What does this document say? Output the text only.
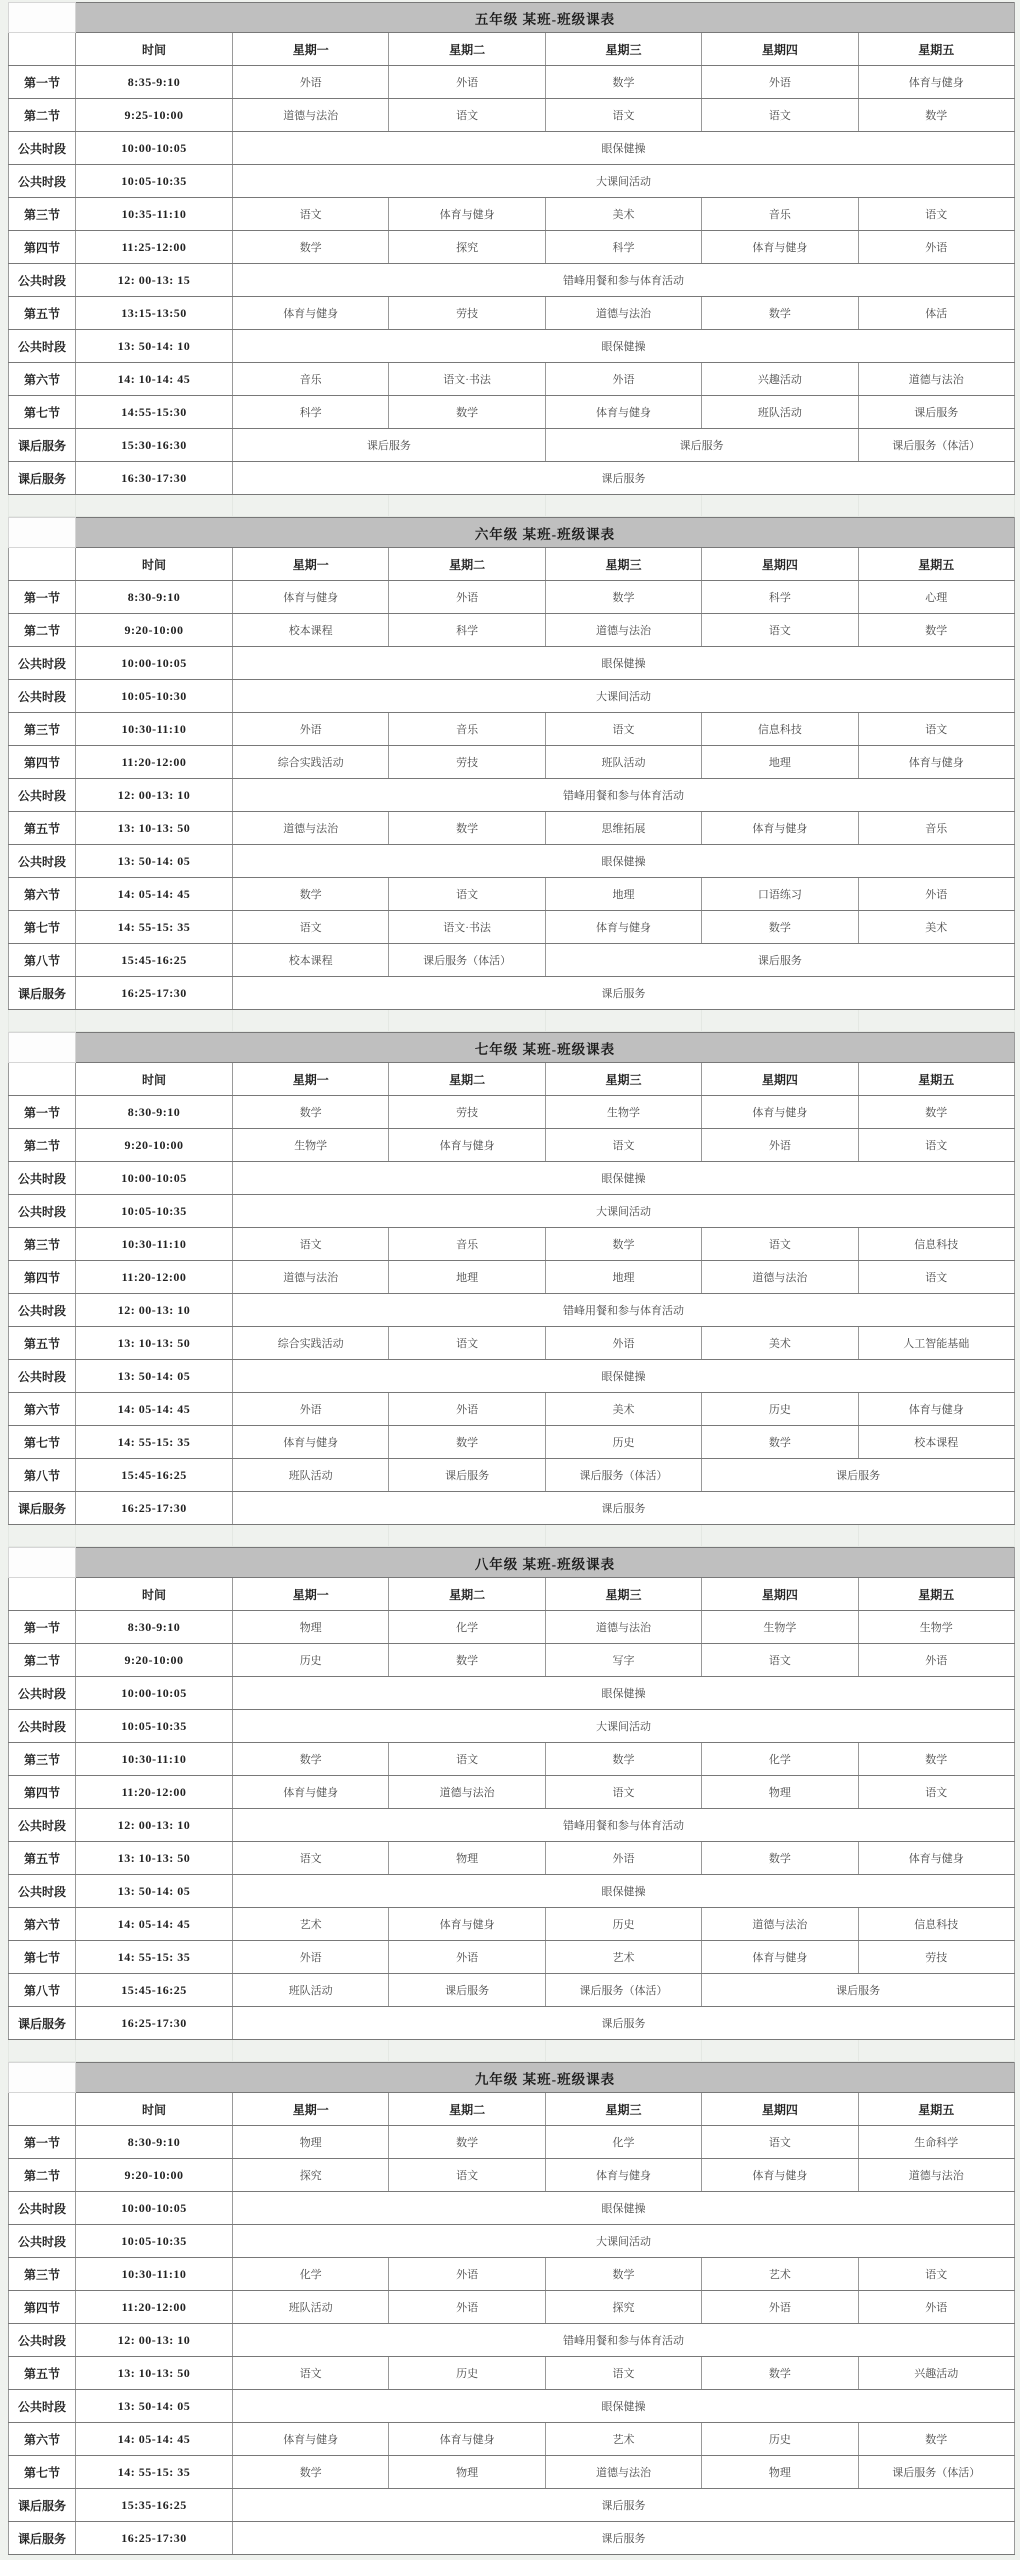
	五年级 某班-班级课表					
	时间	星期一	星期二	星期三	星期四	星期五
第一节	8:35-9:10	外语	外语	数学	外语	体育与健身
第二节	9:25-10:00	道德与法治	语文	语文	语文	数学
公共时段	10:00-10:05	眼保健操				
公共时段	10:05-10:35	大课间活动				
第三节	10:35-11:10	语文	体育与健身	美术	音乐	语文
第四节	11:25-12:00	数学	探究	科学	体育与健身	外语
公共时段	12: 00-13: 15	错峰用餐和参与体育活动				
第五节	13:15-13:50	体育与健身	劳技	道德与法治	数学	体活
公共时段	13: 50-14: 10	眼保健操				
第六节	14: 10-14: 45	音乐	语文·书法	外语	兴趣活动	道德与法治
第七节	14:55-15:30	科学	数学	体育与健身	班队活动	课后服务
课后服务	15:30-16:30	课后服务		课后服务		课后服务（体活）
课后服务	16:30-17:30	课后服务				

	六年级 某班-班级课表					
	时间	星期一	星期二	星期三	星期四	星期五
第一节	8:30-9:10	体育与健身	外语	数学	科学	心理
第二节	9:20-10:00	校本课程	科学	道德与法治	语文	数学
公共时段	10:00-10:05	眼保健操				
公共时段	10:05-10:30	大课间活动				
第三节	10:30-11:10	外语	音乐	语文	信息科技	语文
第四节	11:20-12:00	综合实践活动	劳技	班队活动	地理	体育与健身
公共时段	12: 00-13: 10	错峰用餐和参与体育活动				
第五节	13: 10-13: 50	道德与法治	数学	思维拓展	体育与健身	音乐
公共时段	13: 50-14: 05	眼保健操				
第六节	14: 05-14: 45	数学	语文	地理	口语练习	外语
第七节	14: 55-15: 35	语文	语文·书法	体育与健身	数学	美术
第八节	15:45-16:25	校本课程	课后服务（体活）	课后服务		
课后服务	16:25-17:30	课后服务				

	七年级 某班-班级课表					
	时间	星期一	星期二	星期三	星期四	星期五
第一节	8:30-9:10	数学	劳技	生物学	体育与健身	数学
第二节	9:20-10:00	生物学	体育与健身	语文	外语	语文
公共时段	10:00-10:05	眼保健操				
公共时段	10:05-10:35	大课间活动				
第三节	10:30-11:10	语文	音乐	数学	语文	信息科技
第四节	11:20-12:00	道德与法治	地理	地理	道德与法治	语文
公共时段	12: 00-13: 10	错峰用餐和参与体育活动				
第五节	13: 10-13: 50	综合实践活动	语文	外语	美术	人工智能基础
公共时段	13: 50-14: 05	眼保健操				
第六节	14: 05-14: 45	外语	外语	美术	历史	体育与健身
第七节	14: 55-15: 35	体育与健身	数学	历史	数学	校本课程
第八节	15:45-16:25	班队活动	课后服务	课后服务（体活）	课后服务	
课后服务	16:25-17:30	课后服务				

	八年级 某班-班级课表					
	时间	星期一	星期二	星期三	星期四	星期五
第一节	8:30-9:10	物理	化学	道德与法治	生物学	生物学
第二节	9:20-10:00	历史	数学	写字	语文	外语
公共时段	10:00-10:05	眼保健操				
公共时段	10:05-10:35	大课间活动				
第三节	10:30-11:10	数学	语文	数学	化学	数学
第四节	11:20-12:00	体育与健身	道德与法治	语文	物理	语文
公共时段	12: 00-13: 10	错峰用餐和参与体育活动				
第五节	13: 10-13: 50	语文	物理	外语	数学	体育与健身
公共时段	13: 50-14: 05	眼保健操				
第六节	14: 05-14: 45	艺术	体育与健身	历史	道德与法治	信息科技
第七节	14: 55-15: 35	外语	外语	艺术	体育与健身	劳技
第八节	15:45-16:25	班队活动	课后服务	课后服务（体活）	课后服务	
课后服务	16:25-17:30	课后服务				

	九年级 某班-班级课表					
	时间	星期一	星期二	星期三	星期四	星期五
第一节	8:30-9:10	物理	数学	化学	语文	生命科学
第二节	9:20-10:00	探究	语文	体育与健身	体育与健身	道德与法治
公共时段	10:00-10:05	眼保健操				
公共时段	10:05-10:35	大课间活动				
第三节	10:30-11:10	化学	外语	数学	艺术	语文
第四节	11:20-12:00	班队活动	外语	探究	外语	外语
公共时段	12: 00-13: 10	错峰用餐和参与体育活动				
第五节	13: 10-13: 50	语文	历史	语文	数学	兴趣活动
公共时段	13: 50-14: 05	眼保健操				
第六节	14: 05-14: 45	体育与健身	体育与健身	艺术	历史	数学
第七节	14: 55-15: 35	数学	物理	道德与法治	物理	课后服务（体活）
课后服务	15:35-16:25	课后服务				
课后服务	16:25-17:30	课后服务				
